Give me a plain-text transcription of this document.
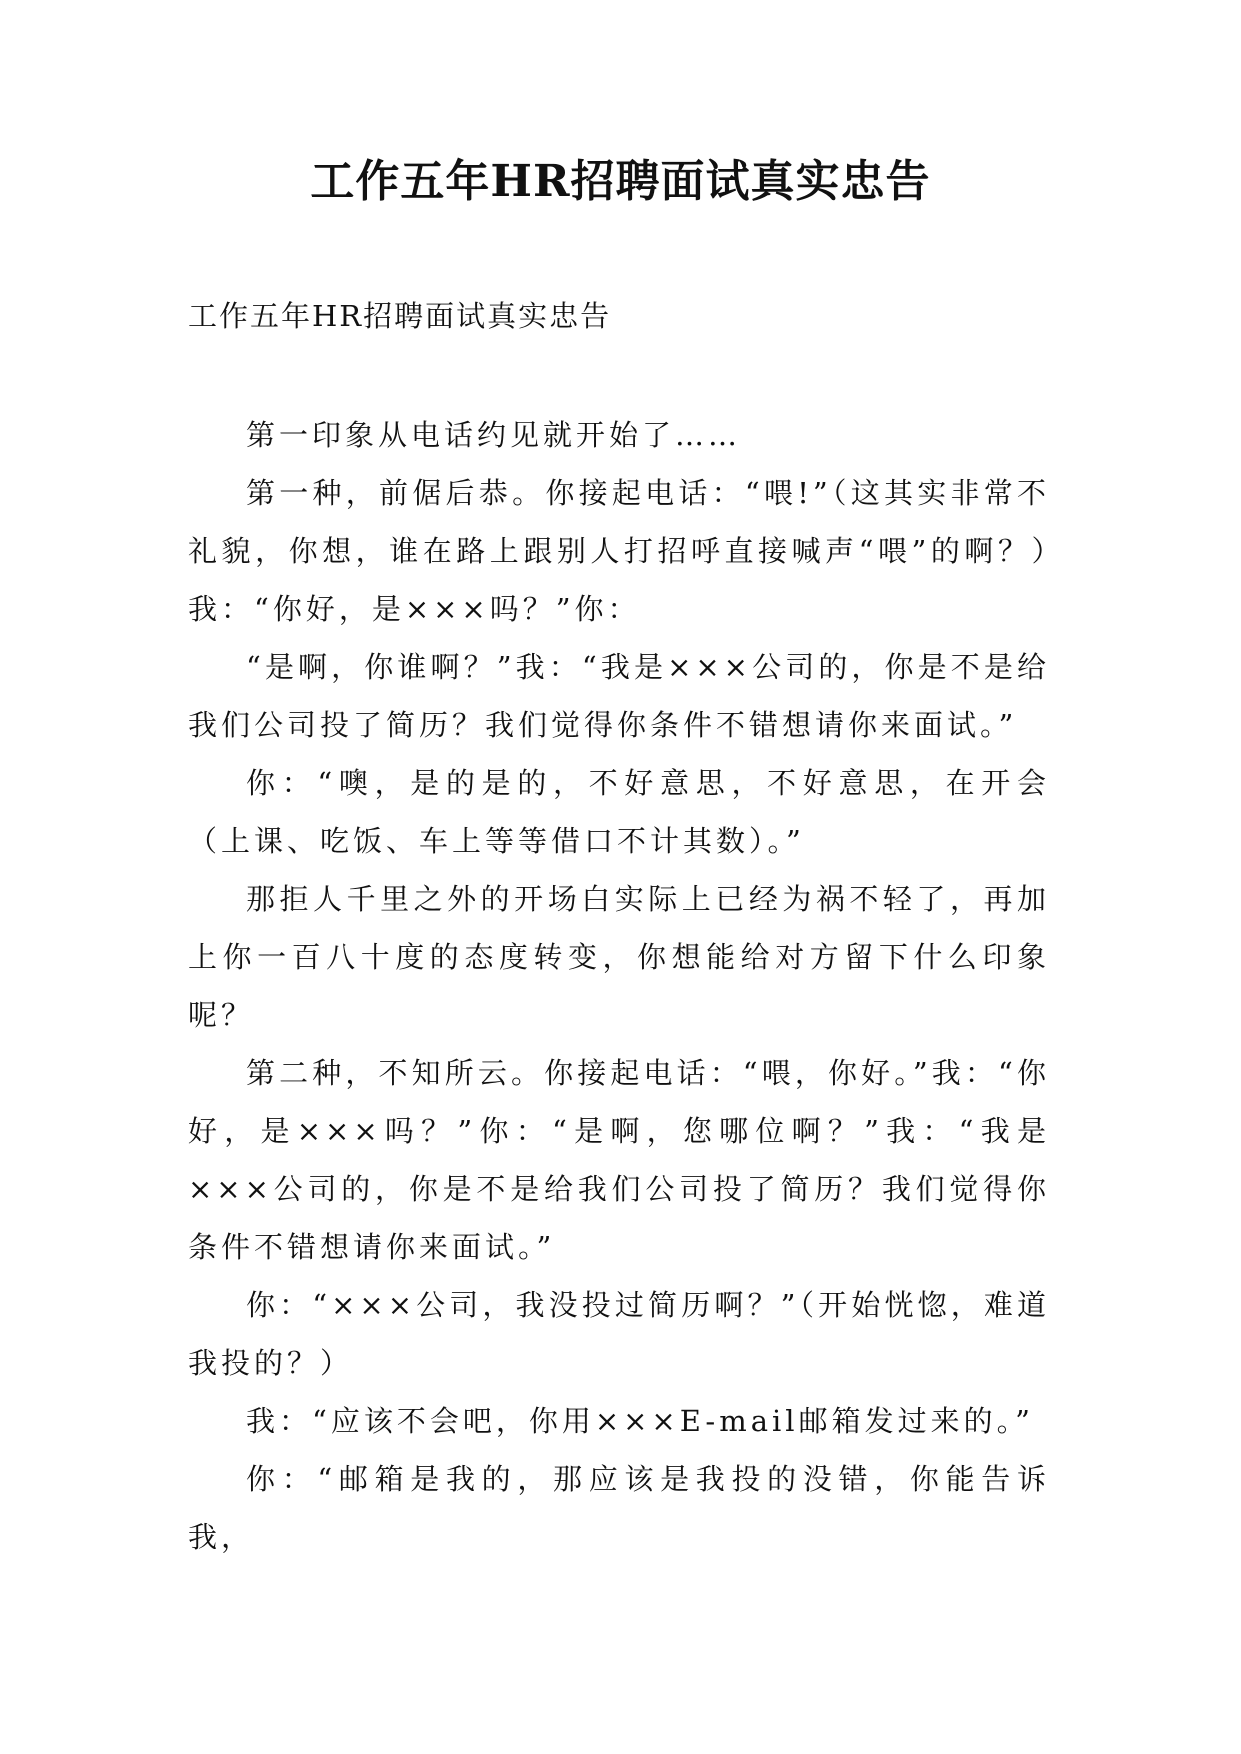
工作五年HR招聘面试真实忠告
工作五年HR招聘面试真实忠告

第一印象从电话约见就开始了……

第一种，前倨后恭。你接起电话：“喂!”（这其实非常不礼貌，你想，谁在路上跟别人打招呼直接喊声“喂”的啊？）我：“你好，是×××吗？”你：

“是啊，你谁啊？”我：“我是×××公司的，你是不是给我们公司投了简历？我们觉得你条件不错想请你来面试。”

你：“噢，是的是的，不好意思，不好意思，在开会（上课、吃饭、车上等等借口不计其数）。”

那拒人千里之外的开场白实际上已经为祸不轻了，再加上你一百八十度的态度转变，你想能给对方留下什么印象呢？

第二种，不知所云。你接起电话：“喂，你好。”我：“你好，是×××吗？”你：“是啊，您哪位啊？”我：“我是×××公司的，你是不是给我们公司投了简历？我们觉得你条件不错想请你来面试。”

你：“×××公司，我没投过简历啊？”（开始恍惚，难道我投的？）

我：“应该不会吧，你用×××E-mail邮箱发过来的。”

你：“邮箱是我的，那应该是我投的没错，你能告诉我，
